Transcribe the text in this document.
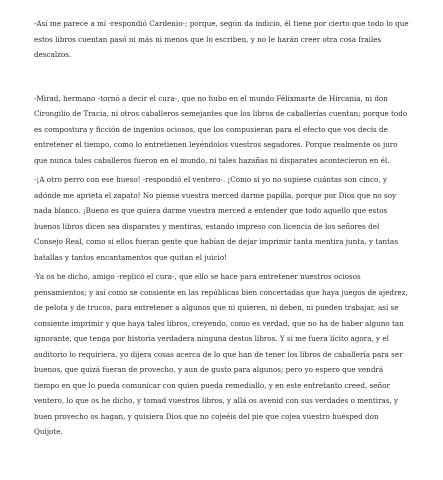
-Así me parece a mí -respondió Cardenio-; porque, según da indicio, él tiene por cierto que todo lo que estos libros cuentan pasó ni más ni menos que lo escriben, y no le harán creer otra cosa frailes descalzos.

-Mirad, hermano -tornó a decir el cura-, que no hubo en el mundo Félixmarte de Hircania, ni don Cirongilio de Tracia, ni otros caballeros semejantes que los libros de caballerías cuentan; porque todo es compostura y ficción de ingenios ociosos, que los compusieran para el efecto que vos decís de entretener el tiempo, como lo entretienen leyéndolos vuestros segadores. Porque realmente os juro que nunca tales caballeros fueron en el mundo, ni tales hazañas ni disparates acontecieron en él.

-¡A otro perro con ese hueso! -respondió el ventero-. ¡Como si yo no supiese cuántas son cinco, y adónde me aprieta el zapato! No piense vuestra merced darme papilla, porque por Dios que no soy nada blanco. ¡Bueno es que quiera darme vuestra merced a entender que todo aquello que estos buenos libros dicen sea disparates y mentiras, estando impreso con licencia de los señores del Consejo Real, como si ellos fueran gente que habían de dejar imprimir tanta mentira junta, y tantas batallas y tantos encantamentos que quitan el juicio!

-Ya os he dicho, amigo -replicó el cura-, que ello se hace para entretener nuestros ociosos pensamientos; y así como se consiente en las repúblicas bien concertadas que haya juegos de ajedrez, de pelota y de trucos, para entretener a algunos que ni quieren, ni deben, ni pueden trabajar, así se consiente imprimir y que haya tales libros, creyendo, como es verdad, que no ha de haber alguno tan ignorante, que tenga por historia verdadera ninguna destos libros. Y si me fuera lícito agora, y el auditorio lo requiriera, yo dijera cosas acerca de lo que han de tener los libros de caballería para ser buenos, que quizá fueran de provecho, y aun de gusto para algunos; pero yo espero que vendrá tiempo en que lo pueda comunicar con quien pueda remediallo, y en este entretanto creed, señor ventero, lo que os he dicho, y tomad vuestros libros, y allá os avenid con sus verdades o mentiras, y buen provecho os hagan, y quisiera Dios que no cojeéis del pie que cojea vuestro huésped don Quijote.
